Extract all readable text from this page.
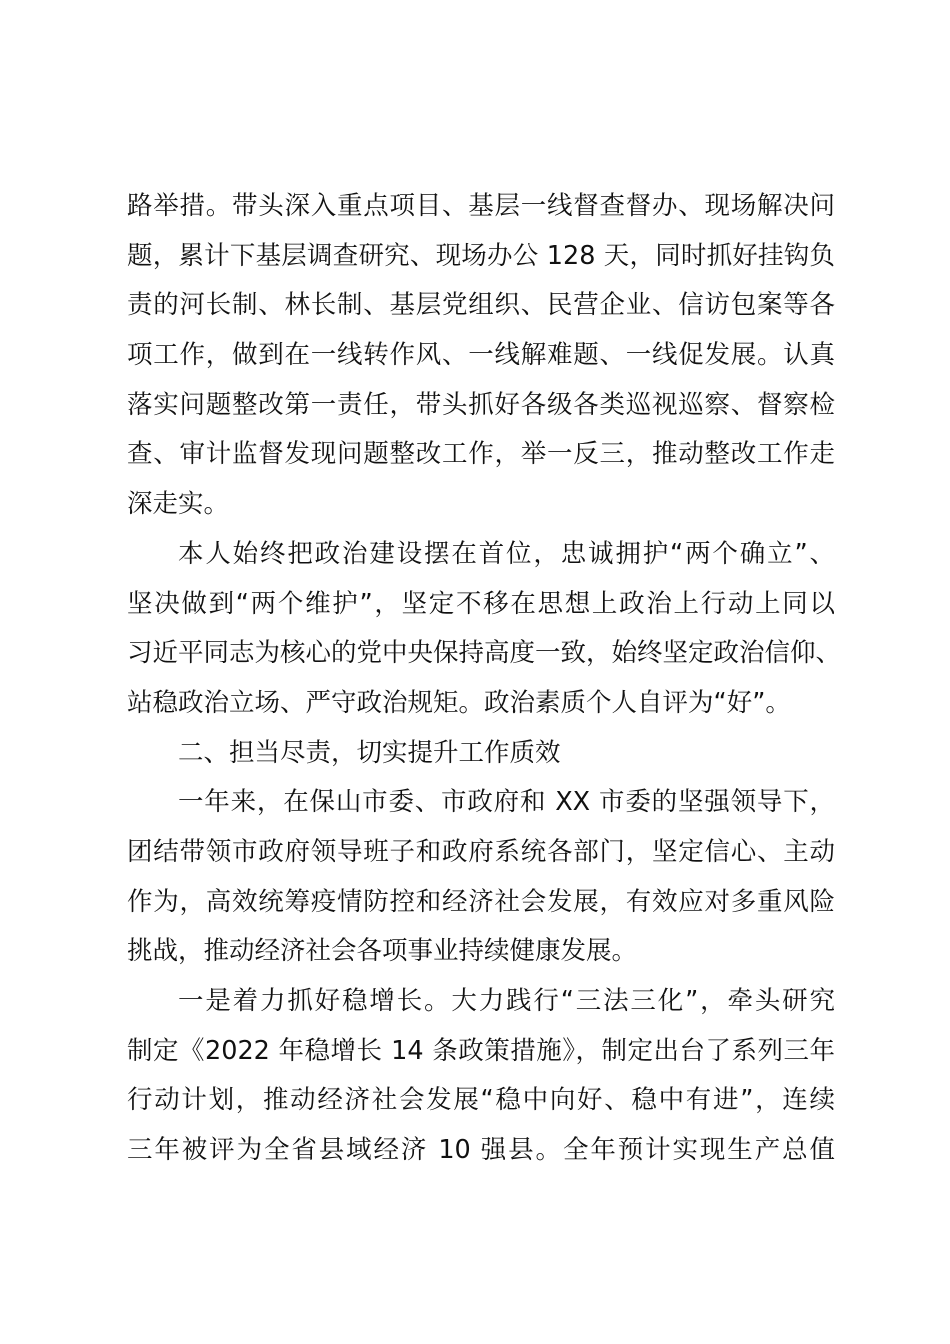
路举措。带头深入重点项目、基层一线督查督办、现场解决问
题，累计下基层调查研究、现场办公 128 天，同时抓好挂钩负
责的河长制、林长制、基层党组织、民营企业、信访包案等各
项工作，做到在一线转作风、一线解难题、一线促发展。认真
落实问题整改第一责任，带头抓好各级各类巡视巡察、督察检
查、审计监督发现问题整改工作，举一反三，推动整改工作走
深走实。
本人始终把政治建设摆在首位，忠诚拥护“两个确立”、
坚决做到“两个维护”，坚定不移在思想上政治上行动上同以
习近平同志为核心的党中央保持高度一致，始终坚定政治信仰、
站稳政治立场、严守政治规矩。政治素质个人自评为“好”。
二、担当尽责，切实提升工作质效
一年来，在保山市委、市政府和 XX 市委的坚强领导下，
团结带领市政府领导班子和政府系统各部门，坚定信心、主动
作为，高效统筹疫情防控和经济社会发展，有效应对多重风险
挑战，推动经济社会各项事业持续健康发展。
一是着力抓好稳增长。大力践行“三法三化”，牵头研究
制定《2022 年稳增长 14 条政策措施》，制定出台了系列三年
行动计划，推动经济社会发展“稳中向好、稳中有进”，连续
三年被评为全省县域经济 10 强县。全年预计实现生产总值
